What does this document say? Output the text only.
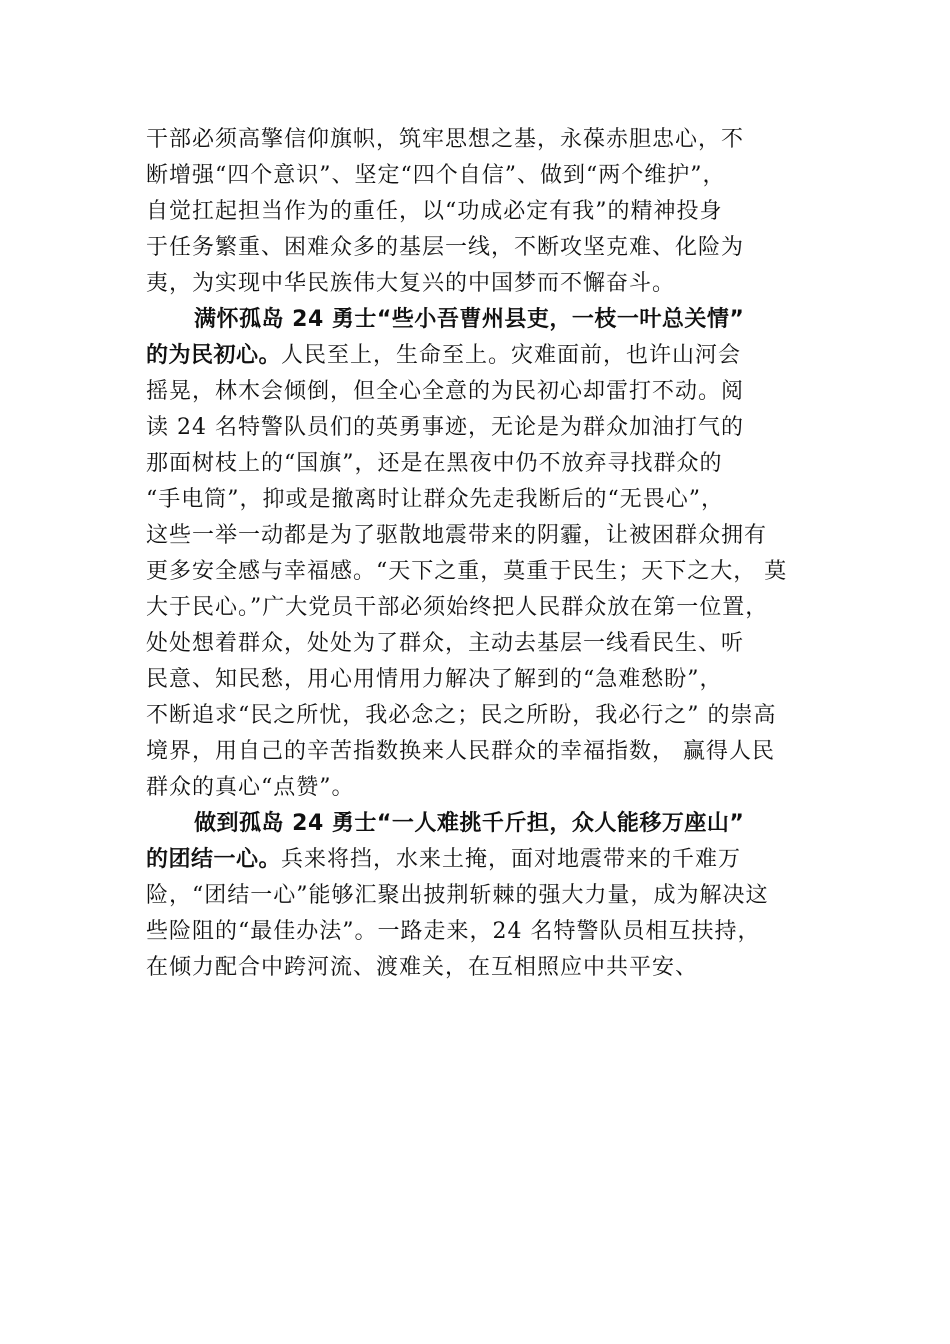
干部必须高擎信仰旗帜，筑牢思想之基，永葆赤胆忠心，不
断增强“四个意识”、坚定“四个自信”、做到“两个维护”，
自觉扛起担当作为的重任，以“功成必定有我”的精神投身
于任务繁重、困难众多的基层一线，不断攻坚克难、化险为
夷，为实现中华民族伟大复兴的中国梦而不懈奋斗。
满怀孤岛 24 勇士“些小吾曹州县吏，一枝一叶总关情”
的为民初心。人民至上，生命至上。灾难面前，也许山河会
摇晃，林木会倾倒，但全心全意的为民初心却雷打不动。阅
读 24 名特警队员们的英勇事迹，无论是为群众加油打气的
那面树枝上的“国旗”，还是在黑夜中仍不放弃寻找群众的
“手电筒”，抑或是撤离时让群众先走我断后的“无畏心”，
这些一举一动都是为了驱散地震带来的阴霾，让被困群众拥有
更多安全感与幸福感。“天下之重，莫重于民生；天下之大， 莫
大于民心。”广大党员干部必须始终把人民群众放在第一位置，
处处想着群众，处处为了群众，主动去基层一线看民生、听
民意、知民愁，用心用情用力解决了解到的“急难愁盼”，
不断追求“民之所忧，我必念之；民之所盼，我必行之” 的崇高
境界，用自己的辛苦指数换来人民群众的幸福指数， 赢得人民
群众的真心“点赞”。
做到孤岛 24 勇士“一人难挑千斤担，众人能移万座山”
的团结一心。兵来将挡，水来土掩，面对地震带来的千难万
险，“团结一心”能够汇聚出披荆斩棘的强大力量，成为解决这
些险阻的“最佳办法”。一路走来，24 名特警队员相互扶持，
在倾力配合中跨河流、渡难关，在互相照应中共平安、
